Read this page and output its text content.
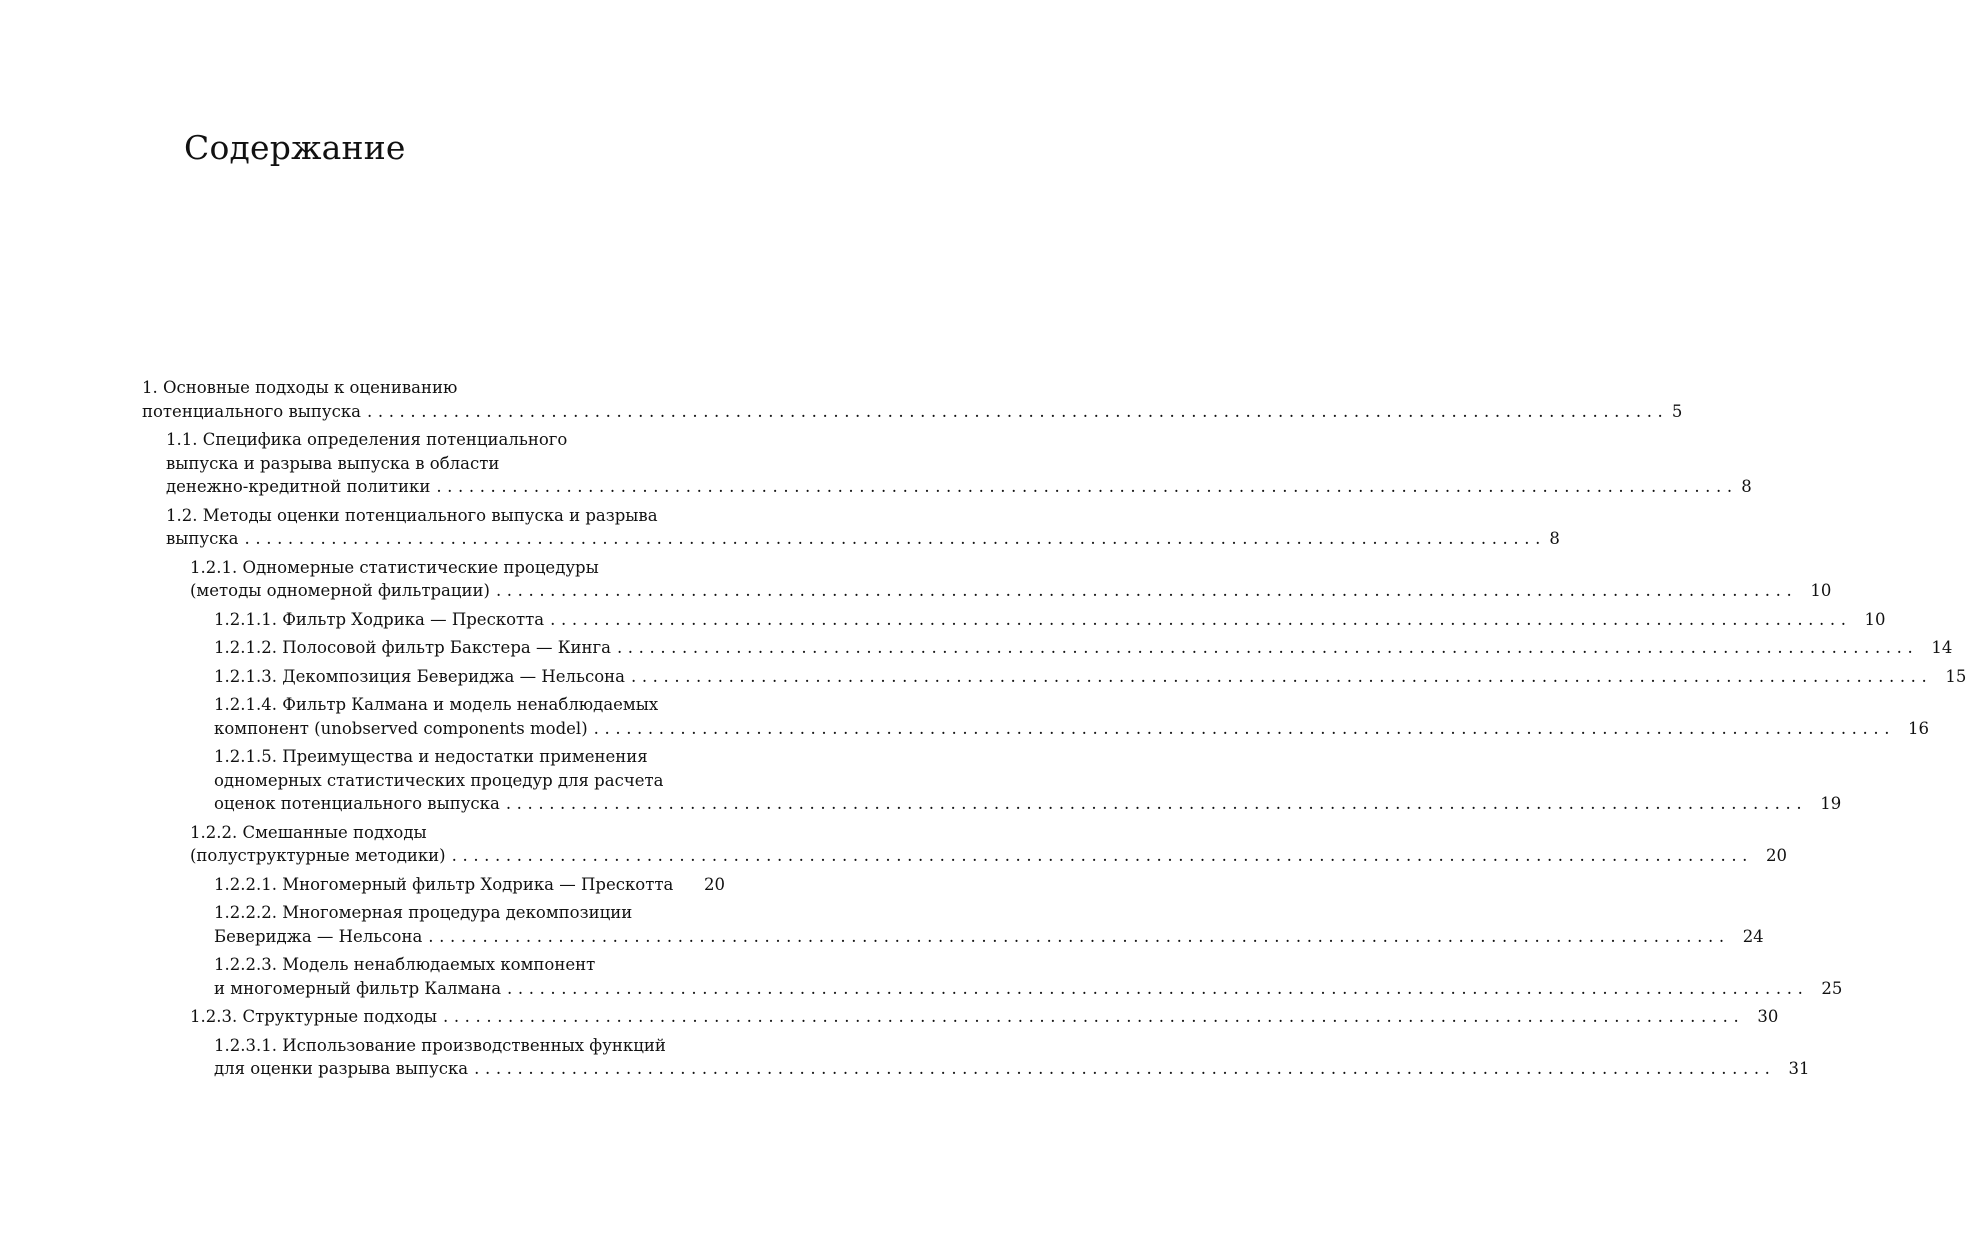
Содержание
1. Основные подходы к оцениванию
потенциального выпуска ........................................................................................................................ 5
1.1. Специфика определения потенциального
выпуска и разрыва выпуска в области
денежно-кредитной политики ........................................................................................................................ 8
1.2. Методы оценки потенциального выпуска и разрыва
выпуска ........................................................................................................................ 8
1.2.1. Одномерные статистические процедуры
(методы одномерной фильтрации) ........................................................................................................................ 10
1.2.1.1. Фильтр Ходрика — Прескотта ........................................................................................................................ 10
1.2.1.2. Полосовой фильтр Бакстера — Кинга ........................................................................................................................ 14
1.2.1.3. Декомпозиция Бевериджа — Нельсона ........................................................................................................................ 15
1.2.1.4. Фильтр Калмана и модель ненаблюдаемых
компонент (unobserved components model) ........................................................................................................................ 16
1.2.1.5. Преимущества и недостатки применения
одномерных статистических процедур для расчета
оценок потенциального выпуска ........................................................................................................................ 19
1.2.2. Смешанные подходы
(полуструктурные методики) ........................................................................................................................ 20
1.2.2.1. Многомерный фильтр Ходрика — Прескотта	20
1.2.2.2. Многомерная процедура декомпозиции
Бевериджа — Нельсона ........................................................................................................................ 24
1.2.2.3. Модель ненаблюдаемых компонент
и многомерный фильтр Калмана ........................................................................................................................ 25
1.2.3. Структурные подходы ........................................................................................................................ 30
1.2.3.1. Использование производственных функций
для оценки разрыва выпуска ........................................................................................................................ 31
